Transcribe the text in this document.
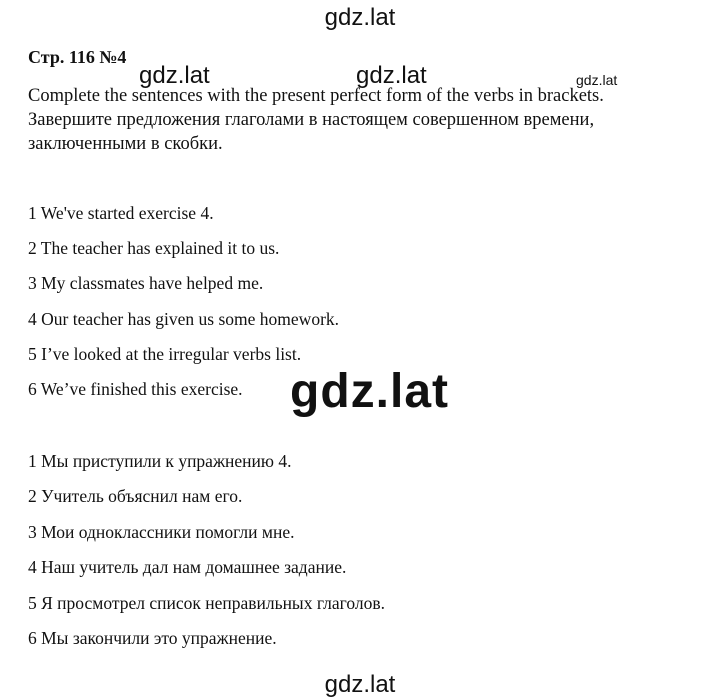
gdz.lat
Стр. 116 №4
gdz.lat	gdz.lat	gdz.lat
Complete the sentences with the present perfect form of the verbs in brackets.
Завершите предложения глаголами в настоящем совершенном времени,
заключенными в скобки.
1 We've started exercise 4.
2 The teacher has explained it to us.
3 My classmates have helped me.
4 Our teacher has given us some homework.
5 I’ve looked at the irregular verbs list.
6 We’ve finished this exercise. gdz.lat
1 Мы приступили к упражнению 4.
2 Учитель объяснил нам его.
3 Мои одноклассники помогли мне.
4 Наш учитель дал нам домашнее задание.
5 Я просмотрел список неправильных глаголов.
6 Мы закончили это упражнение.
gdz.lat
